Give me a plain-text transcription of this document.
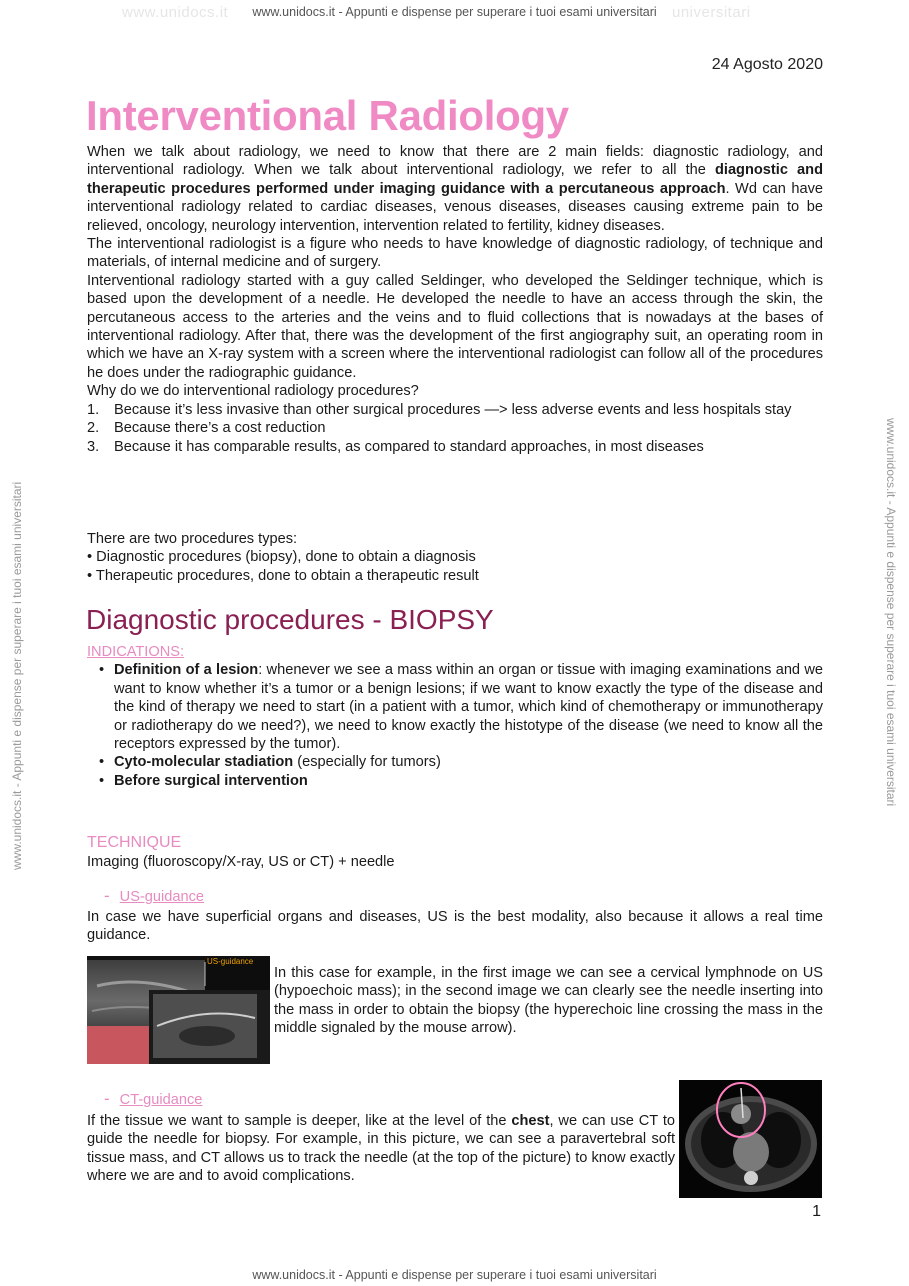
www.unidocs.it	universitari
www.unidocs.it - Appunti e dispense per superare i tuoi esami universitari
www.unidocs.it - Appunti e dispense per superare i tuoi esami universitari
www.unidocs.it - Appunti e dispense per superare i tuoi esami universitari	www.unidocs.it - Appunti e dispense per superare i tuoi esami universitari
24 Agosto 2020
Interventional Radiology

When we talk about radiology, we need to know that there are 2 main fields: diagnostic radiology, and interventional radiology. When we talk about interventional radiology, we refer to all the diagnostic and therapeutic procedures performed under imaging guidance with a percutaneous approach. Wd can have interventional radiology related to cardiac diseases, venous diseases, diseases causing extreme pain to be relieved, oncology, neurology intervention, intervention related to fertility, kidney diseases.

The interventional radiologist is a figure who needs to have knowledge of diagnostic radiology, of technique and materials, of internal medicine and of surgery.

Interventional radiology started with a guy called Seldinger, who developed the Seldinger technique, which is based upon the development of a needle. He developed the needle to have an access through the skin, the percutaneous access to the arteries and the veins and to fluid collections that is nowadays at the bases of interventional radiology. After that, there was the development of the first angiography suit, an operating room in which we have an X-ray system with a screen where the interventional radiologist can follow all of the procedures he does under the radiographic guidance.

Why do we do interventional radiology procedures?

1. Because it’s less invasive than other surgical procedures —> less adverse events and less hospitals stay
2. Because there’s a cost reduction
3. Because it has comparable results, as compared to standard approaches, in most diseases

There are two procedures types:

• Diagnostic procedures (biopsy), done to obtain a diagnosis
• Therapeutic procedures, done to obtain a therapeutic result
Diagnostic procedures - BIOPSY
INDICATIONS:
• Definition of a lesion: whenever we see a mass within an organ or tissue with imaging examinations and we want to know whether it’s a tumor or a benign lesions; if we want to know exactly the type of the disease and the kind of therapy we need to start (in a patient with a tumor, which kind of chemotherapy or immunotherapy or radiotherapy do we need?), we need to know exactly the histotype of the disease (we need to know all the receptors expressed by the tumor).
• Cyto-molecular stadiation (especially for tumors)
• Before surgical intervention
TECHNIQUE
Imaging (fluoroscopy/X-ray, US or CT) + needle
- US-guidance

In case we have superficial organs and diseases, US is the best modality, also because it allows a real time guidance.

US-guidance

In this case for example, in the first image we can see a cervical lymphnode on US (hypoechoic mass); in the second image we can clearly see the needle inserting into the mass in order to obtain the biopsy (the hyperechoic line crossing the mass in the middle signaled by the mouse arrow).

- CT-guidance

If the tissue we want to sample is deeper, like at the level of the chest, we can use CT to guide the needle for biopsy. For example, in this picture, we can see a paravertebral soft tissue mass, and CT allows us to track the needle (at the top of the picture) to know exactly where we are and to avoid complications.

1
